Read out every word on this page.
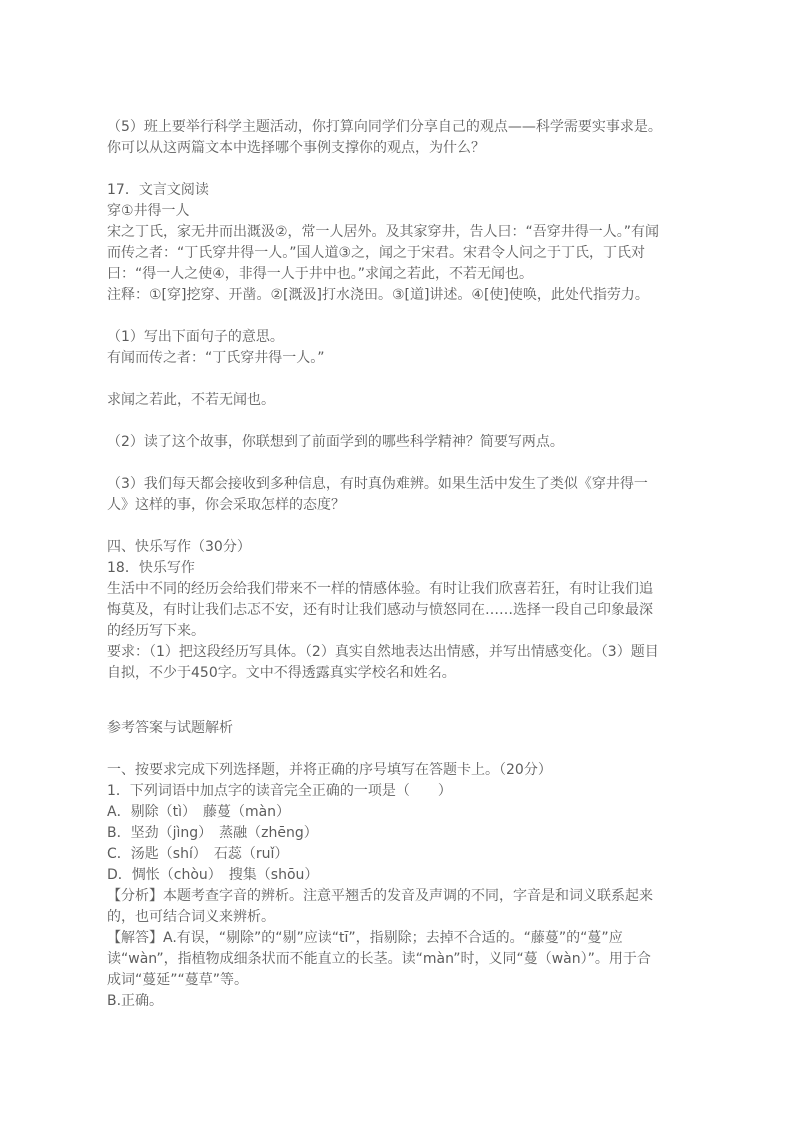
（5）班上要举行科学主题活动，你打算向同学们分享自己的观点——科学需要实事求是。你可以从这两篇文本中选择哪个事例支撑你的观点，为什么？

17．文言文阅读

穿①井得一人

宋之丁氏，家无井而出溉汲②，常一人居外。及其家穿井，告人曰：“吾穿井得一人。”有闻而传之者：“丁氏穿井得一人。”国人道③之，闻之于宋君。宋君令人问之于丁氏，丁氏对曰：“得一人之使④，非得一人于井中也。”求闻之若此，不若无闻也。

注释：①[穿]挖穿、开凿。②[溉汲]打水浇田。③[道]讲述。④[使]使唤，此处代指劳力。

（1）写出下面句子的意思。

有闻而传之者：“丁氏穿井得一人。”

求闻之若此，不若无闻也。

（2）读了这个故事，你联想到了前面学到的哪些科学精神？简要写两点。

（3）我们每天都会接收到多种信息，有时真伪难辨。如果生活中发生了类似《穿井得一人》这样的事，你会采取怎样的态度？

四、快乐写作（30分）

18．快乐写作

生活中不同的经历会给我们带来不一样的情感体验。有时让我们欣喜若狂，有时让我们追悔莫及，有时让我们忐忑不安，还有时让我们感动与愤怒同在……选择一段自己印象最深的经历写下来。

要求：（1）把这段经历写具体。（2）真实自然地表达出情感，并写出情感变化。（3）题目自拟，不少于450字。文中不得透露真实学校名和姓名。

参考答案与试题解析

一、按要求完成下列选择题，并将正确的序号填写在答题卡上。（20分）

1．下列词语中加点字的读音完全正确的一项是（　　）

A．剔除（tì）　藤蔓（màn）

B．坚劲（jìng）　蒸融（zhēng）

C．汤匙（shí）　石蕊（ruǐ）

D．惆怅（chòu）　搜集（shōu）

【分析】本题考查字音的辨析。注意平翘舌的发音及声调的不同，字音是和词义联系起来的，也可结合词义来辨析。

【解答】A.有误，“剔除”的“剔”应读“tī”，指剔除；去掉不合适的。“藤蔓”的“蔓”应读“wàn”，指植物成细条状而不能直立的长茎。读“màn”时，义同“蔓（wàn）”。用于合成词“蔓延”“蔓草”等。

B.正确。
